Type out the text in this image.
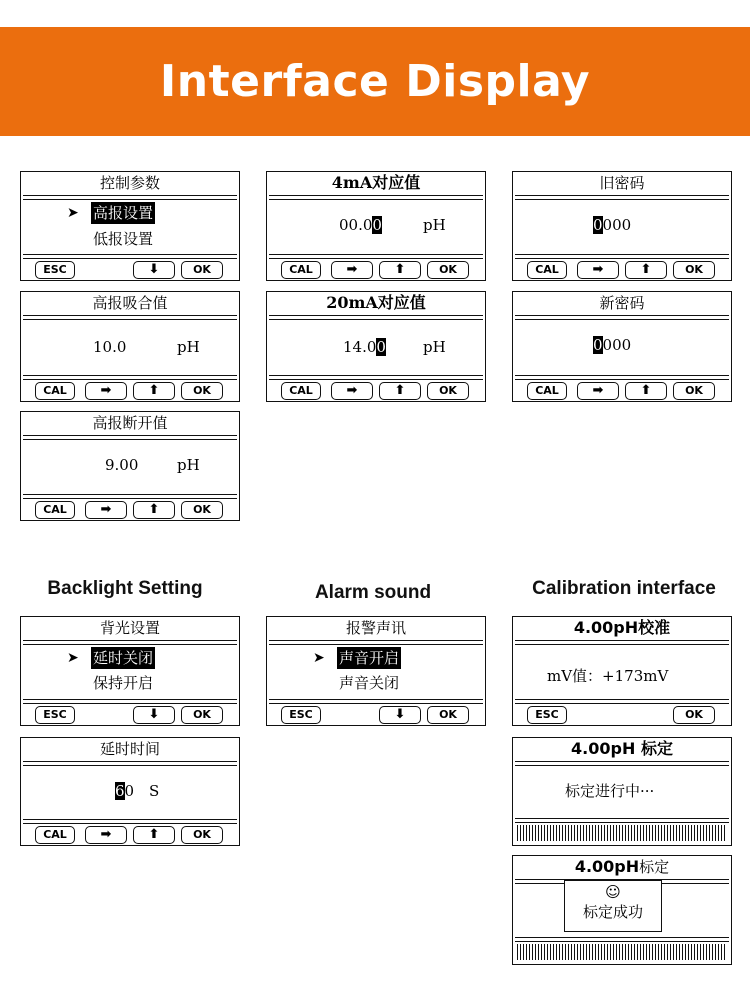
Interface Display
控制参数
➤ 高报设置
低报设置
ESC	⬇	OK
4mA对应值
00.00	pH
CAL	➡	⬆	OK
旧密码
0000
CAL	➡	⬆	OK
高报吸合值
10.0	pH
CAL	➡	⬆	OK
20mA对应值
14.00 pH
CAL	➡	⬆	OK
新密码
0000
CAL	➡	⬆	OK
高报断开值
9.00	pH
CAL	➡	⬆	OK
Backlight Setting	Alarm sound	Calibration interface
背光设置
➤ 延时关闭
保持开启
ESC	⬇	OK
报警声讯
➤ 声音开启
声音关闭
ESC	⬇	OK
4.00pH校准
mV值：+173mV
ESC	OK
延时时间
60 S
CAL	➡	⬆	OK
4.00pH 标定
标定进行中···
4.00pH标定
☺
标定成功
